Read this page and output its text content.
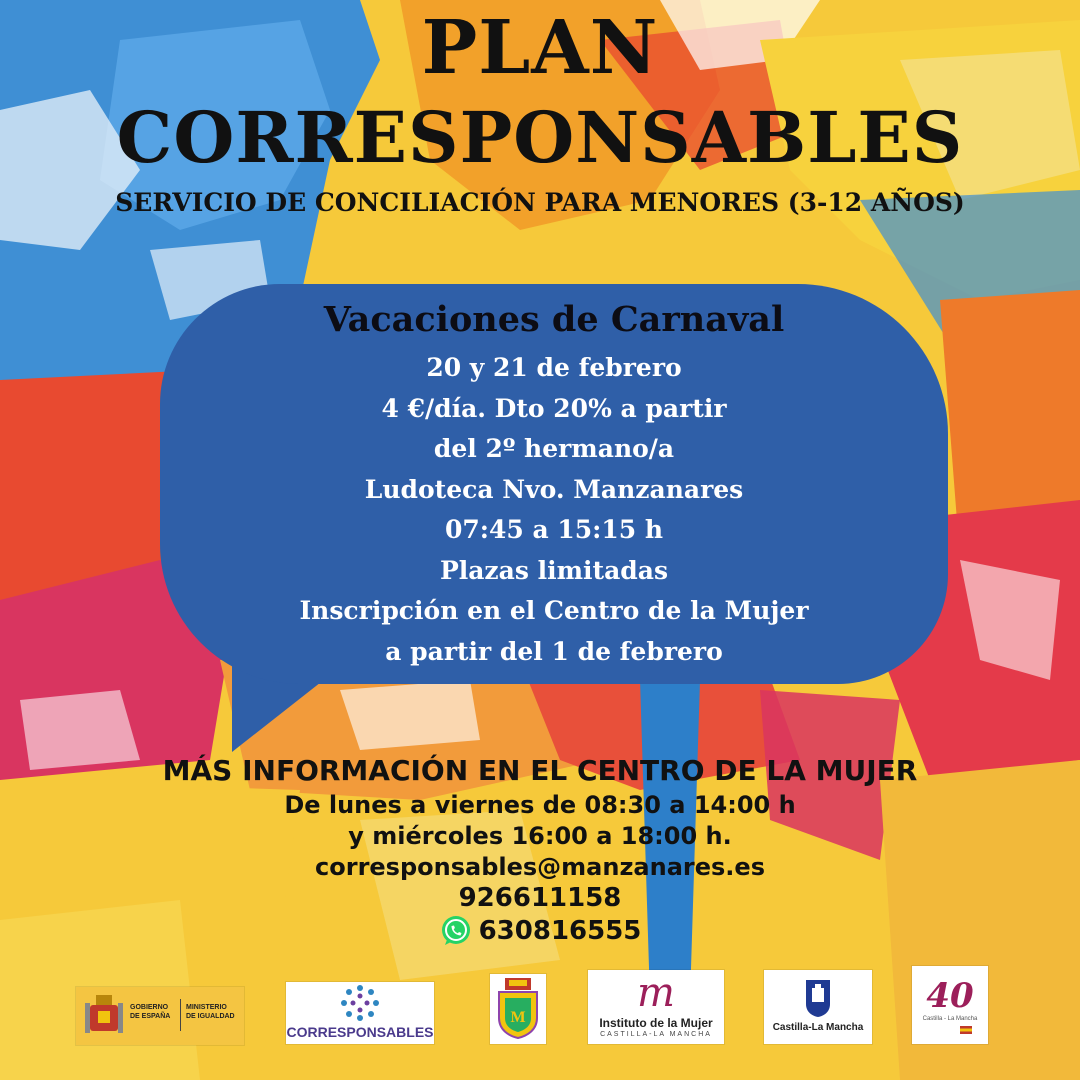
PLAN
CORRESPONSABLES
SERVICIO DE CONCILIACIÓN PARA MENORES (3-12 AÑOS)
Vacaciones de Carnaval
20 y 21 de febrero
4 €/día. Dto 20% a partir
del 2º hermano/a
Ludoteca Nvo. Manzanares
07:45 a 15:15 h
Plazas limitadas
Inscripción en el Centro de la Mujer
a partir del 1 de febrero
MÁS INFORMACIÓN EN EL CENTRO DE LA MUJER
De lunes a viernes de 08:30 a 14:00 h
y miércoles 16:00 a 18:00 h.
corresponsables@manzanares.es
926611158
630816555
GOBIERNO
DE ESPAÑA
MINISTERIO
DE IGUALDAD
CORRESPONSABLES
M
m
Instituto de la Mujer
CASTILLA-LA MANCHA
Castilla-La Mancha
40
Castilla - La Mancha
